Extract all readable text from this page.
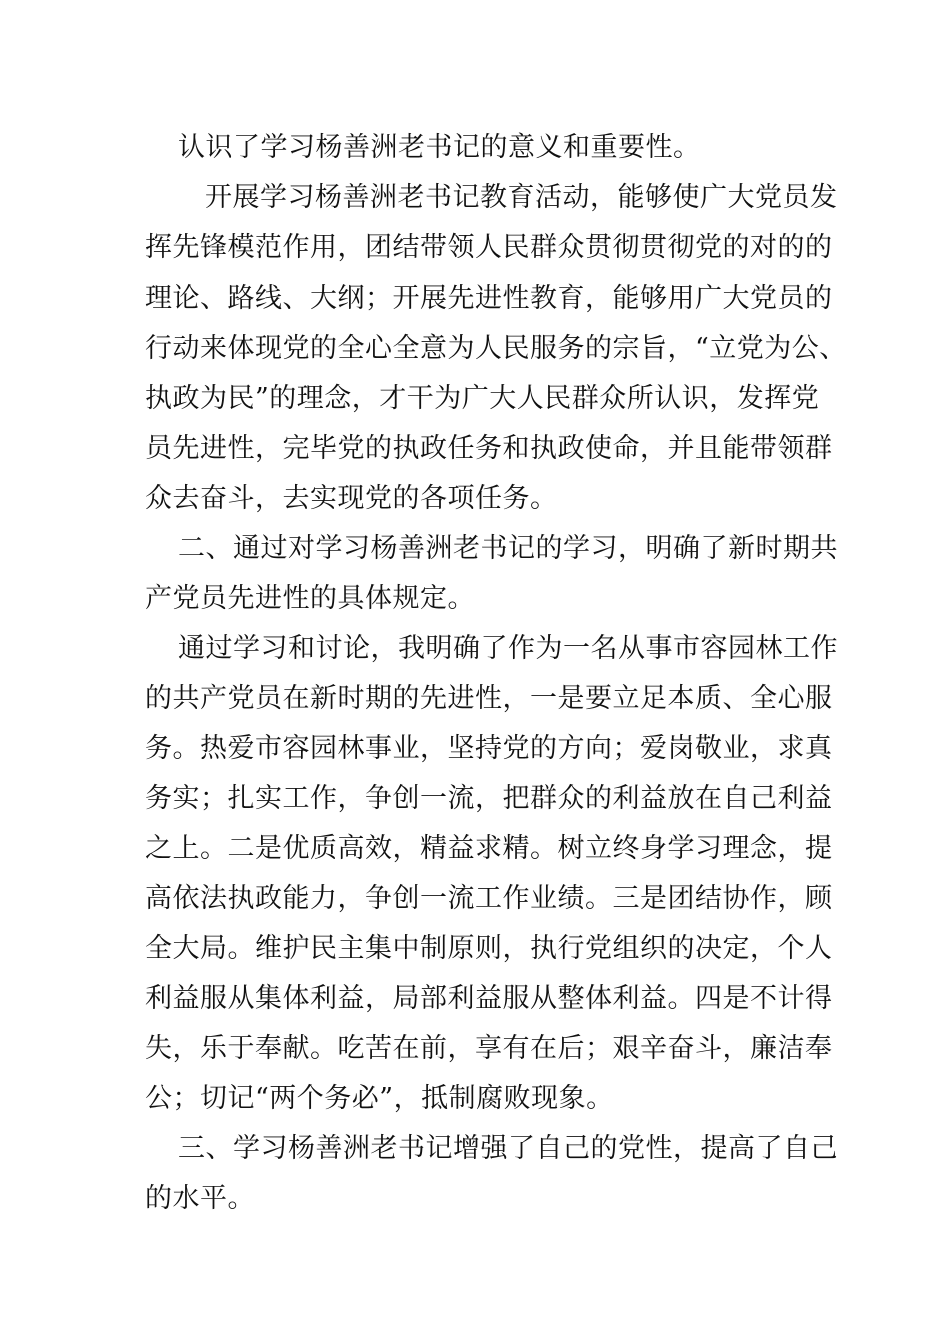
认识了学习杨善洲老书记的意义和重要性。

开展学习杨善洲老书记教育活动，能够使广大党员发

挥先锋模范作用，团结带领人民群众贯彻贯彻党的对的的

理论、路线、大纲；开展先进性教育，能够用广大党员的

行动来体现党的全心全意为人民服务的宗旨，“立党为公、

执政为民”的理念，才干为广大人民群众所认识，发挥党

员先进性，完毕党的执政任务和执政使命，并且能带领群

众去奋斗，去实现党的各项任务。

二、通过对学习杨善洲老书记的学习，明确了新时期共

产党员先进性的具体规定。

通过学习和讨论，我明确了作为一名从事市容园林工作

的共产党员在新时期的先进性，一是要立足本质、全心服

务。热爱市容园林事业，坚持党的方向；爱岗敬业，求真

务实；扎实工作，争创一流，把群众的利益放在自己利益

之上。二是优质高效，精益求精。树立终身学习理念，提

高依法执政能力，争创一流工作业绩。三是团结协作，顾

全大局。维护民主集中制原则，执行党组织的决定，个人

利益服从集体利益，局部利益服从整体利益。四是不计得

失，乐于奉献。吃苦在前，享有在后；艰辛奋斗，廉洁奉

公；切记“两个务必”，抵制腐败现象。

三、学习杨善洲老书记增强了自己的党性，提高了自己

的水平。
